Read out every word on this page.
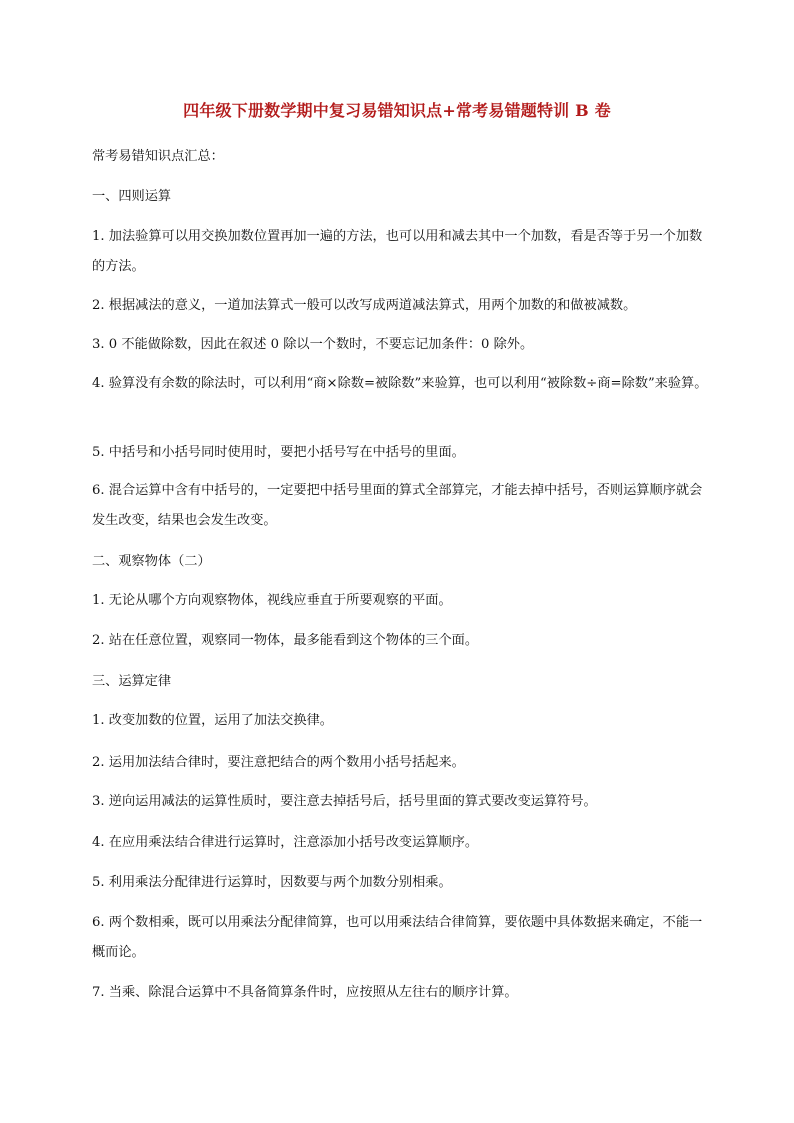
四年级下册数学期中复习易错知识点+常考易错题特训 B 卷
常考易错知识点汇总：
一、四则运算
1. 加法验算可以用交换加数位置再加一遍的方法，也可以用和减去其中一个加数，看是否等于另一个加数的方法。
2. 根据减法的意义，一道加法算式一般可以改写成两道减法算式，用两个加数的和做被减数。
3. 0 不能做除数，因此在叙述 0 除以一个数时，不要忘记加条件：0 除外。
4. 验算没有余数的除法时，可以利用“商×除数=被除数”来验算，也可以利用“被除数÷商=除数”来验算。
5. 中括号和小括号同时使用时，要把小括号写在中括号的里面。
6. 混合运算中含有中括号的，一定要把中括号里面的算式全部算完，才能去掉中括号，否则运算顺序就会发生改变，结果也会发生改变。
二、观察物体（二）
1. 无论从哪个方向观察物体，视线应垂直于所要观察的平面。
2. 站在任意位置，观察同一物体，最多能看到这个物体的三个面。
三、运算定律
1. 改变加数的位置，运用了加法交换律。
2. 运用加法结合律时，要注意把结合的两个数用小括号括起来。
3. 逆向运用减法的运算性质时，要注意去掉括号后，括号里面的算式要改变运算符号。
4. 在应用乘法结合律进行运算时，注意添加小括号改变运算顺序。
5. 利用乘法分配律进行运算时，因数要与两个加数分别相乘。
6. 两个数相乘，既可以用乘法分配律简算，也可以用乘法结合律简算，要依题中具体数据来确定，不能一概而论。
7. 当乘、除混合运算中不具备简算条件时，应按照从左往右的顺序计算。
